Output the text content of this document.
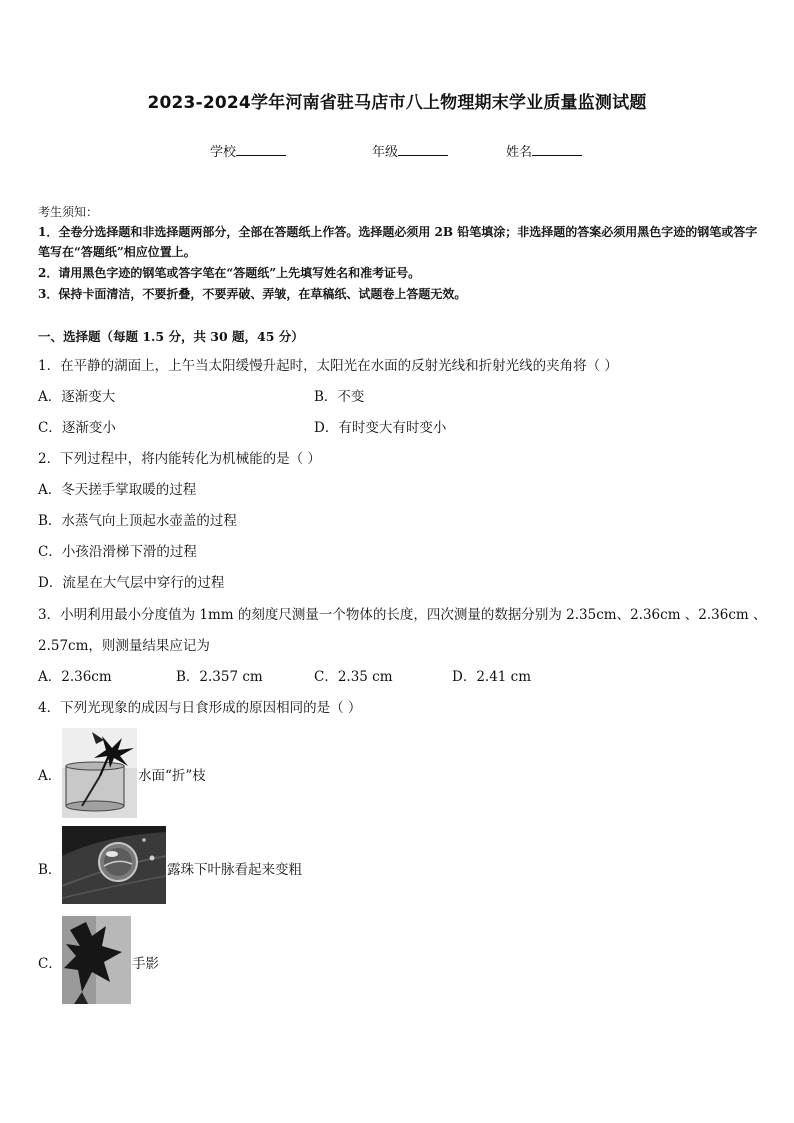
2023-2024学年河南省驻马店市八上物理期末学业质量监测试题
学校	年级	姓名
考生须知：
1．全卷分选择题和非选择题两部分，全部在答题纸上作答。选择题必须用 2B 铅笔填涂；非选择题的答案必须用黑色字迹的钢笔或答字笔写在“答题纸”相应位置上。
2．请用黑色字迹的钢笔或答字笔在“答题纸”上先填写姓名和准考证号。
3．保持卡面清洁，不要折叠，不要弄破、弄皱，在草稿纸、试题卷上答题无效。
一、选择题（每题 1.5 分，共 30 题，45 分）
1．在平静的湖面上，上午当太阳缓慢升起时，太阳光在水面的反射光线和折射光线的夹角将（ ）
A．逐渐变大	B．不变
C．逐渐变小	D．有时变大有时变小
2．下列过程中，将内能转化为机械能的是（ ）
A．冬天搓手掌取暖的过程
B．水蒸气向上顶起水壶盖的过程
C．小孩沿滑梯下滑的过程
D．流星在大气层中穿行的过程
3．小明利用最小分度值为 1mm 的刻度尺测量一个物体的长度，四次测量的数据分别为 2.35cm、2.36cm 、2.36cm 、
2.57cm，则测量结果应记为
A．2.36cm	B．2.357 cm	C．2.35 cm	D．2.41 cm
4．下列光现象的成因与日食形成的原因相同的是（ ）
A．	水面“折”枝
B．	露珠下叶脉看起来变粗
C．	手影
